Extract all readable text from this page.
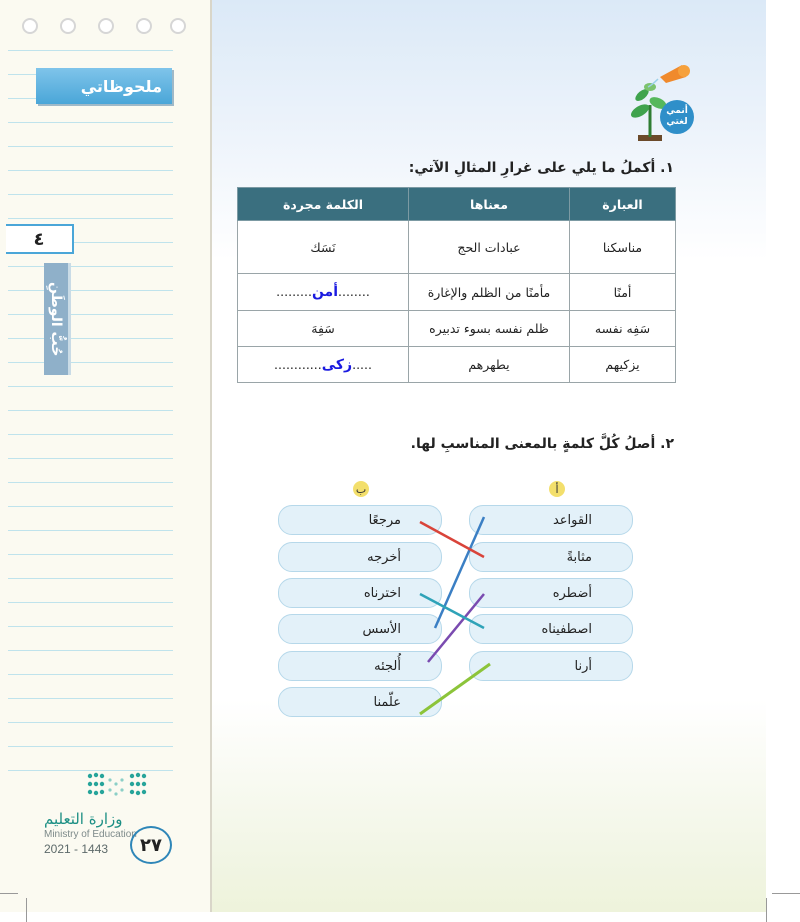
ملحوظاتي
٤
حُبُّ الوطَنِ
وزارة التعليم
Ministry of Education
2021 - 1443	٢٧
أنمي
لغتي
١. أكملُ ما يلي على غرارِ المثالِ الآتي:
العبارة	معناها	الكلمة مجردة
مناسكنا	عبادات الحج	نَسَك
أمنًا	مأمنًا من الظلم والإغارة	........أمن.........
سَفِه نفسه	ظلم نفسه بسوء تدبيره	سَفِهَ
يزكيهم	يطهرهم	.....زكى............
٢. أصلُ كُلَّ كلمةٍ بالمعنى المناسبِ لها.
أ
ب
القواعد
مثابةً
أضطره
اصطفيناه
أرنا
مرجعًا
أخرجه
اخترناه
الأسس
أُلجئه
علّمنا
